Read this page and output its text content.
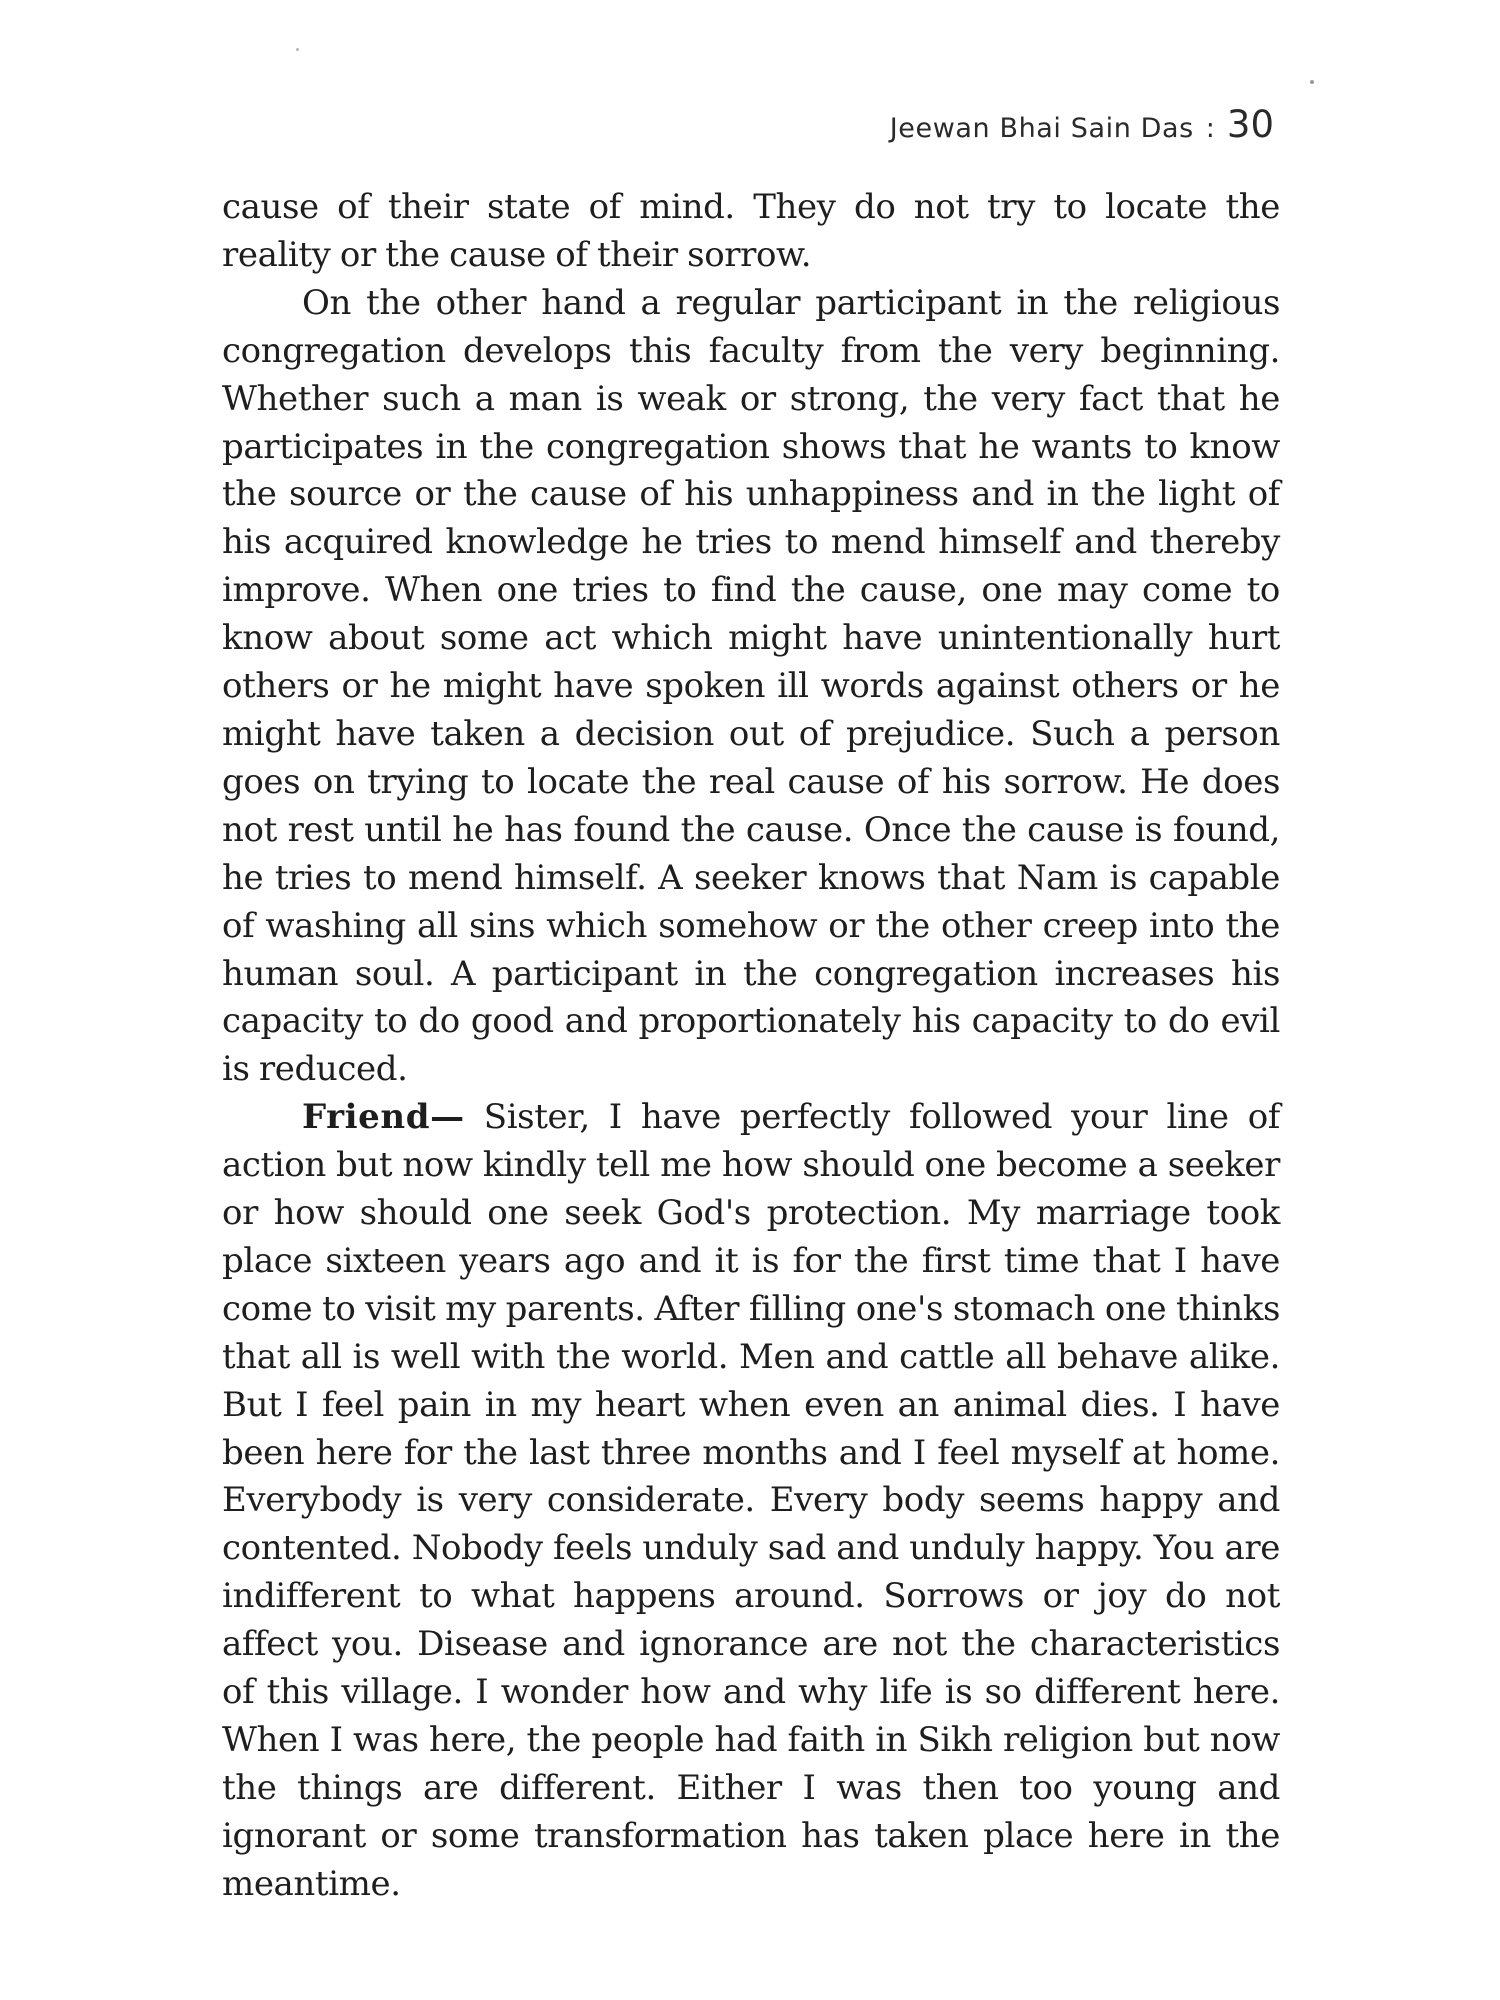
Jeewan Bhai Sain Das : 30

cause of their state of mind. They do not try to locate the reality or the cause of their sorrow.

On the other hand a regular participant in the religious congregation develops this faculty from the very beginning. Whether such a man is weak or strong, the very fact that he participates in the congregation shows that he wants to know the source or the cause of his unhappiness and in the light of his acquired knowledge he tries to mend himself and thereby improve. When one tries to find the cause, one may come to know about some act which might have unintentionally hurt others or he might have spoken ill words against others or he might have taken a decision out of prejudice. Such a person goes on trying to locate the real cause of his sorrow. He does not rest until he has found the cause. Once the cause is found, he tries to mend himself. A seeker knows that Nam is capable of washing all sins which somehow or the other creep into the human soul. A participant in the congregation increases his capacity to do good and proportionately his capacity to do evil is reduced.

Friend— Sister, I have perfectly followed your line of action but now kindly tell me how should one become a seeker or how should one seek God's protection. My marriage took place sixteen years ago and it is for the first time that I have come to visit my parents. After filling one's stomach one thinks that all is well with the world. Men and cattle all behave alike. But I feel pain in my heart when even an animal dies. I have been here for the last three months and I feel myself at home. Everybody is very considerate. Every body seems happy and contented. Nobody feels unduly sad and unduly happy. You are indifferent to what happens around. Sorrows or joy do not affect you. Disease and ignorance are not the characteristics of this village. I wonder how and why life is so different here. When I was here, the people had faith in Sikh religion but now the things are different. Either I was then too young and ignorant or some transformation has taken place here in the meantime.
